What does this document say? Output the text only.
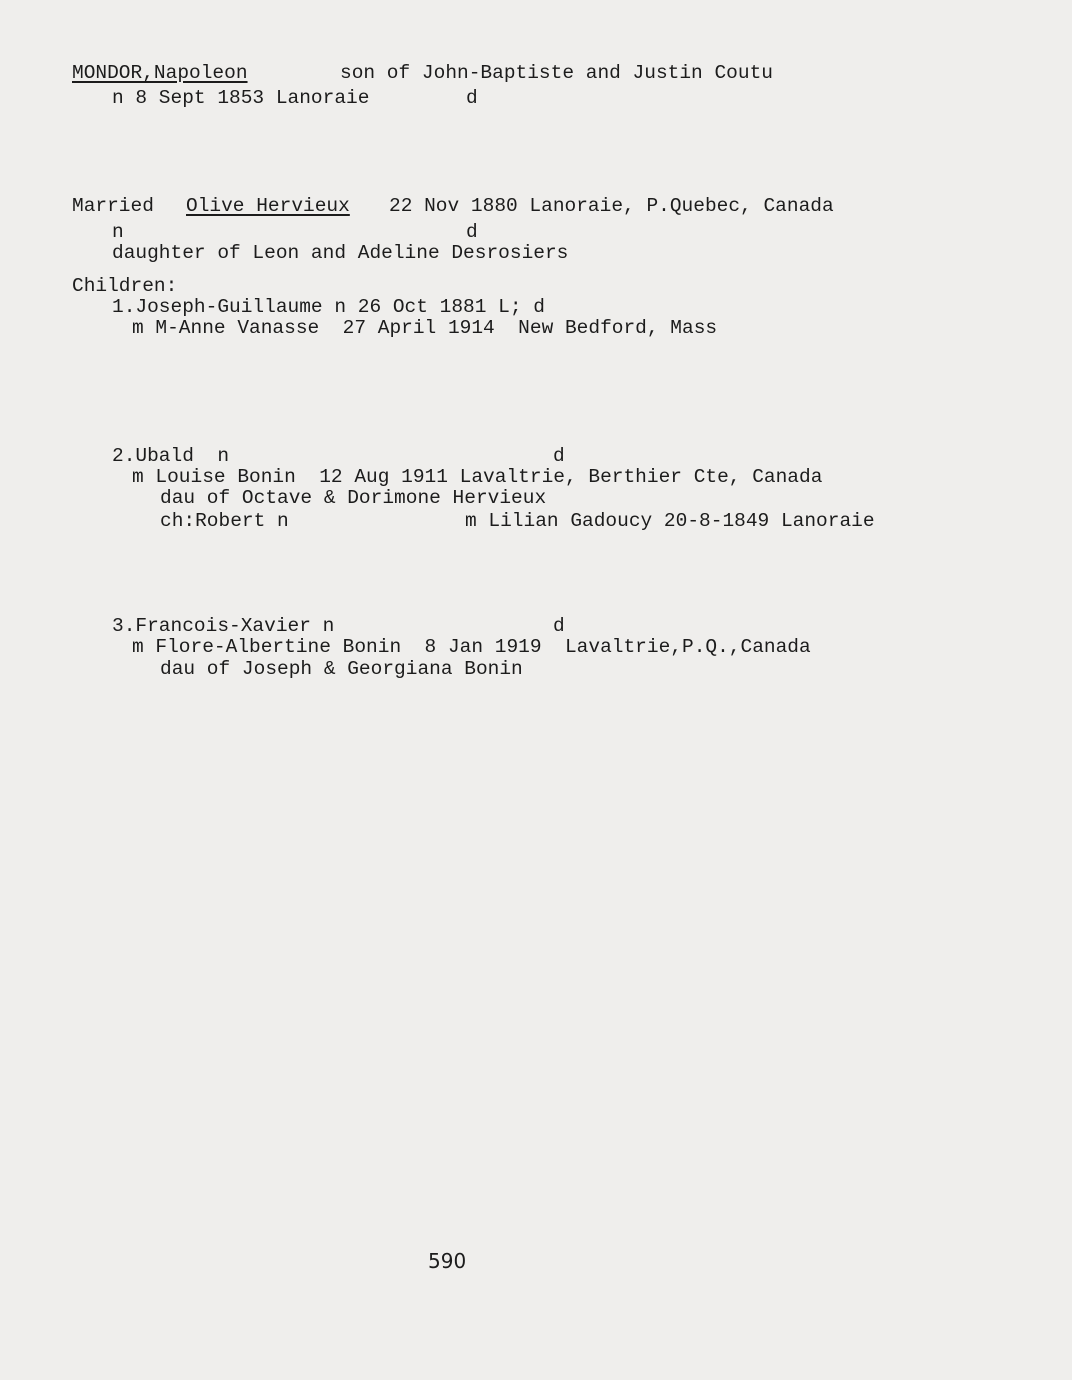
MONDOR,Napoleon	son of John-Baptiste and Justin Coutu
n 8 Sept 1853 Lanoraie	d
Married Olive Hervieux 22 Nov 1880 Lanoraie, P.Quebec, Canada
n	d
daughter of Leon and Adeline Desrosiers
Children:
1.Joseph-Guillaume n 26 Oct 1881 L; d
m M-Anne Vanasse  27 April 1914  New Bedford, Mass
2.Ubald  n	d
m Louise Bonin  12 Aug 1911 Lavaltrie, Berthier Cte, Canada
dau of Octave & Dorimone Hervieux
ch:Robert n	m Lilian Gadoucy 20-8-1849 Lanoraie
3.Francois-Xavier n	d
m Flore-Albertine Bonin  8 Jan 1919  Lavaltrie,P.Q.,Canada
dau of Joseph & Georgiana Bonin
590
